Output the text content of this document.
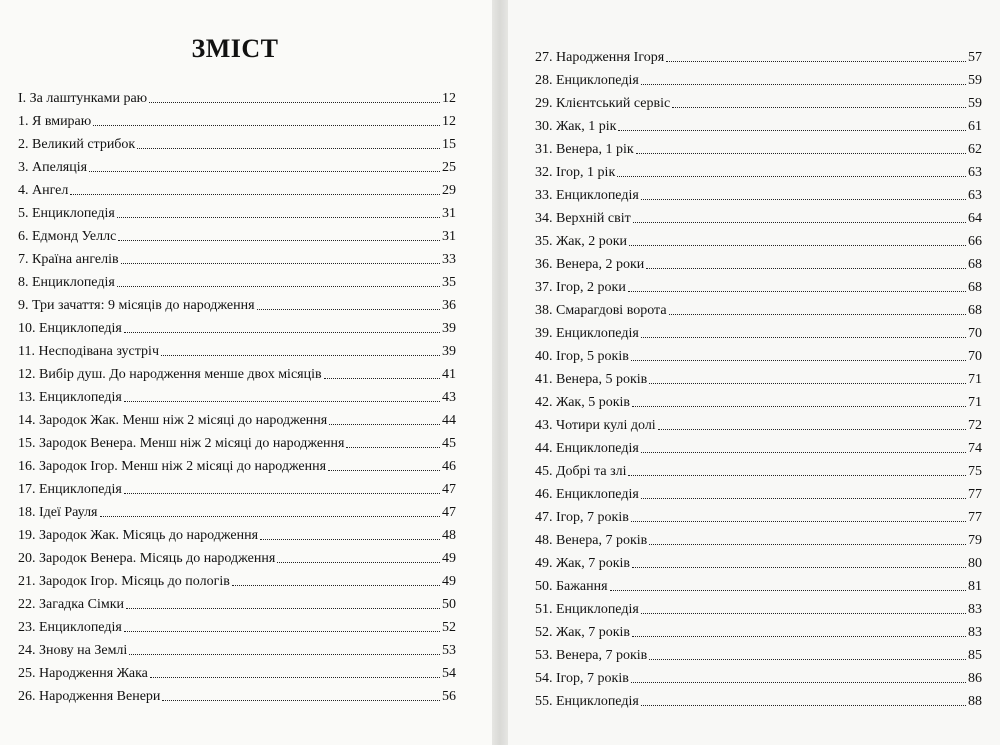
ЗМІСТ
І. За лаштунками раю	12
1. Я вмираю	12
2. Великий стрибок	15
3. Апеляція	25
4. Ангел	29
5. Енциклопедія	31
6. Едмонд Уеллс	31
7. Країна ангелів	33
8. Енциклопедія	35
9. Три зачаття: 9 місяців до народження	36
10. Енциклопедія	39
11. Несподівана зустріч	39
12. Вибір душ. До народження менше двох місяців	41
13. Енциклопедія	43
14. Зародок Жак. Менш ніж 2 місяці до народження	44
15. Зародок Венера. Менш ніж 2 місяці до народження	45
16. Зародок Ігор. Менш ніж 2 місяці до народження	46
17. Енциклопедія	47
18. Ідеї Рауля	47
19. Зародок Жак. Місяць до народження	48
20. Зародок Венера. Місяць до народження	49
21. Зародок Ігор. Місяць до пологів	49
22. Загадка Сімки	50
23. Енциклопедія	52
24. Знову на Землі	53
25. Народження Жака	54
26. Народження Венери	56
27. Народження Ігоря	57
28. Енциклопедія	59
29. Клієнтський сервіс	59
30. Жак, 1 рік	61
31. Венера, 1 рік	62
32. Ігор, 1 рік	63
33. Енциклопедія	63
34. Верхній світ	64
35. Жак, 2 роки	66
36. Венера, 2 роки	68
37. Ігор, 2 роки	68
38. Смарагдові ворота	68
39. Енциклопедія	70
40. Ігор, 5 років	70
41. Венера, 5 років	71
42. Жак, 5 років	71
43. Чотири кулі долі	72
44. Енциклопедія	74
45. Добрі та злі	75
46. Енциклопедія	77
47. Ігор, 7 років	77
48. Венера, 7 років	79
49. Жак, 7 років	80
50. Бажання	81
51. Енциклопедія	83
52. Жак, 7 років	83
53. Венера, 7 років	85
54. Ігор, 7 років	86
55. Енциклопедія	88
